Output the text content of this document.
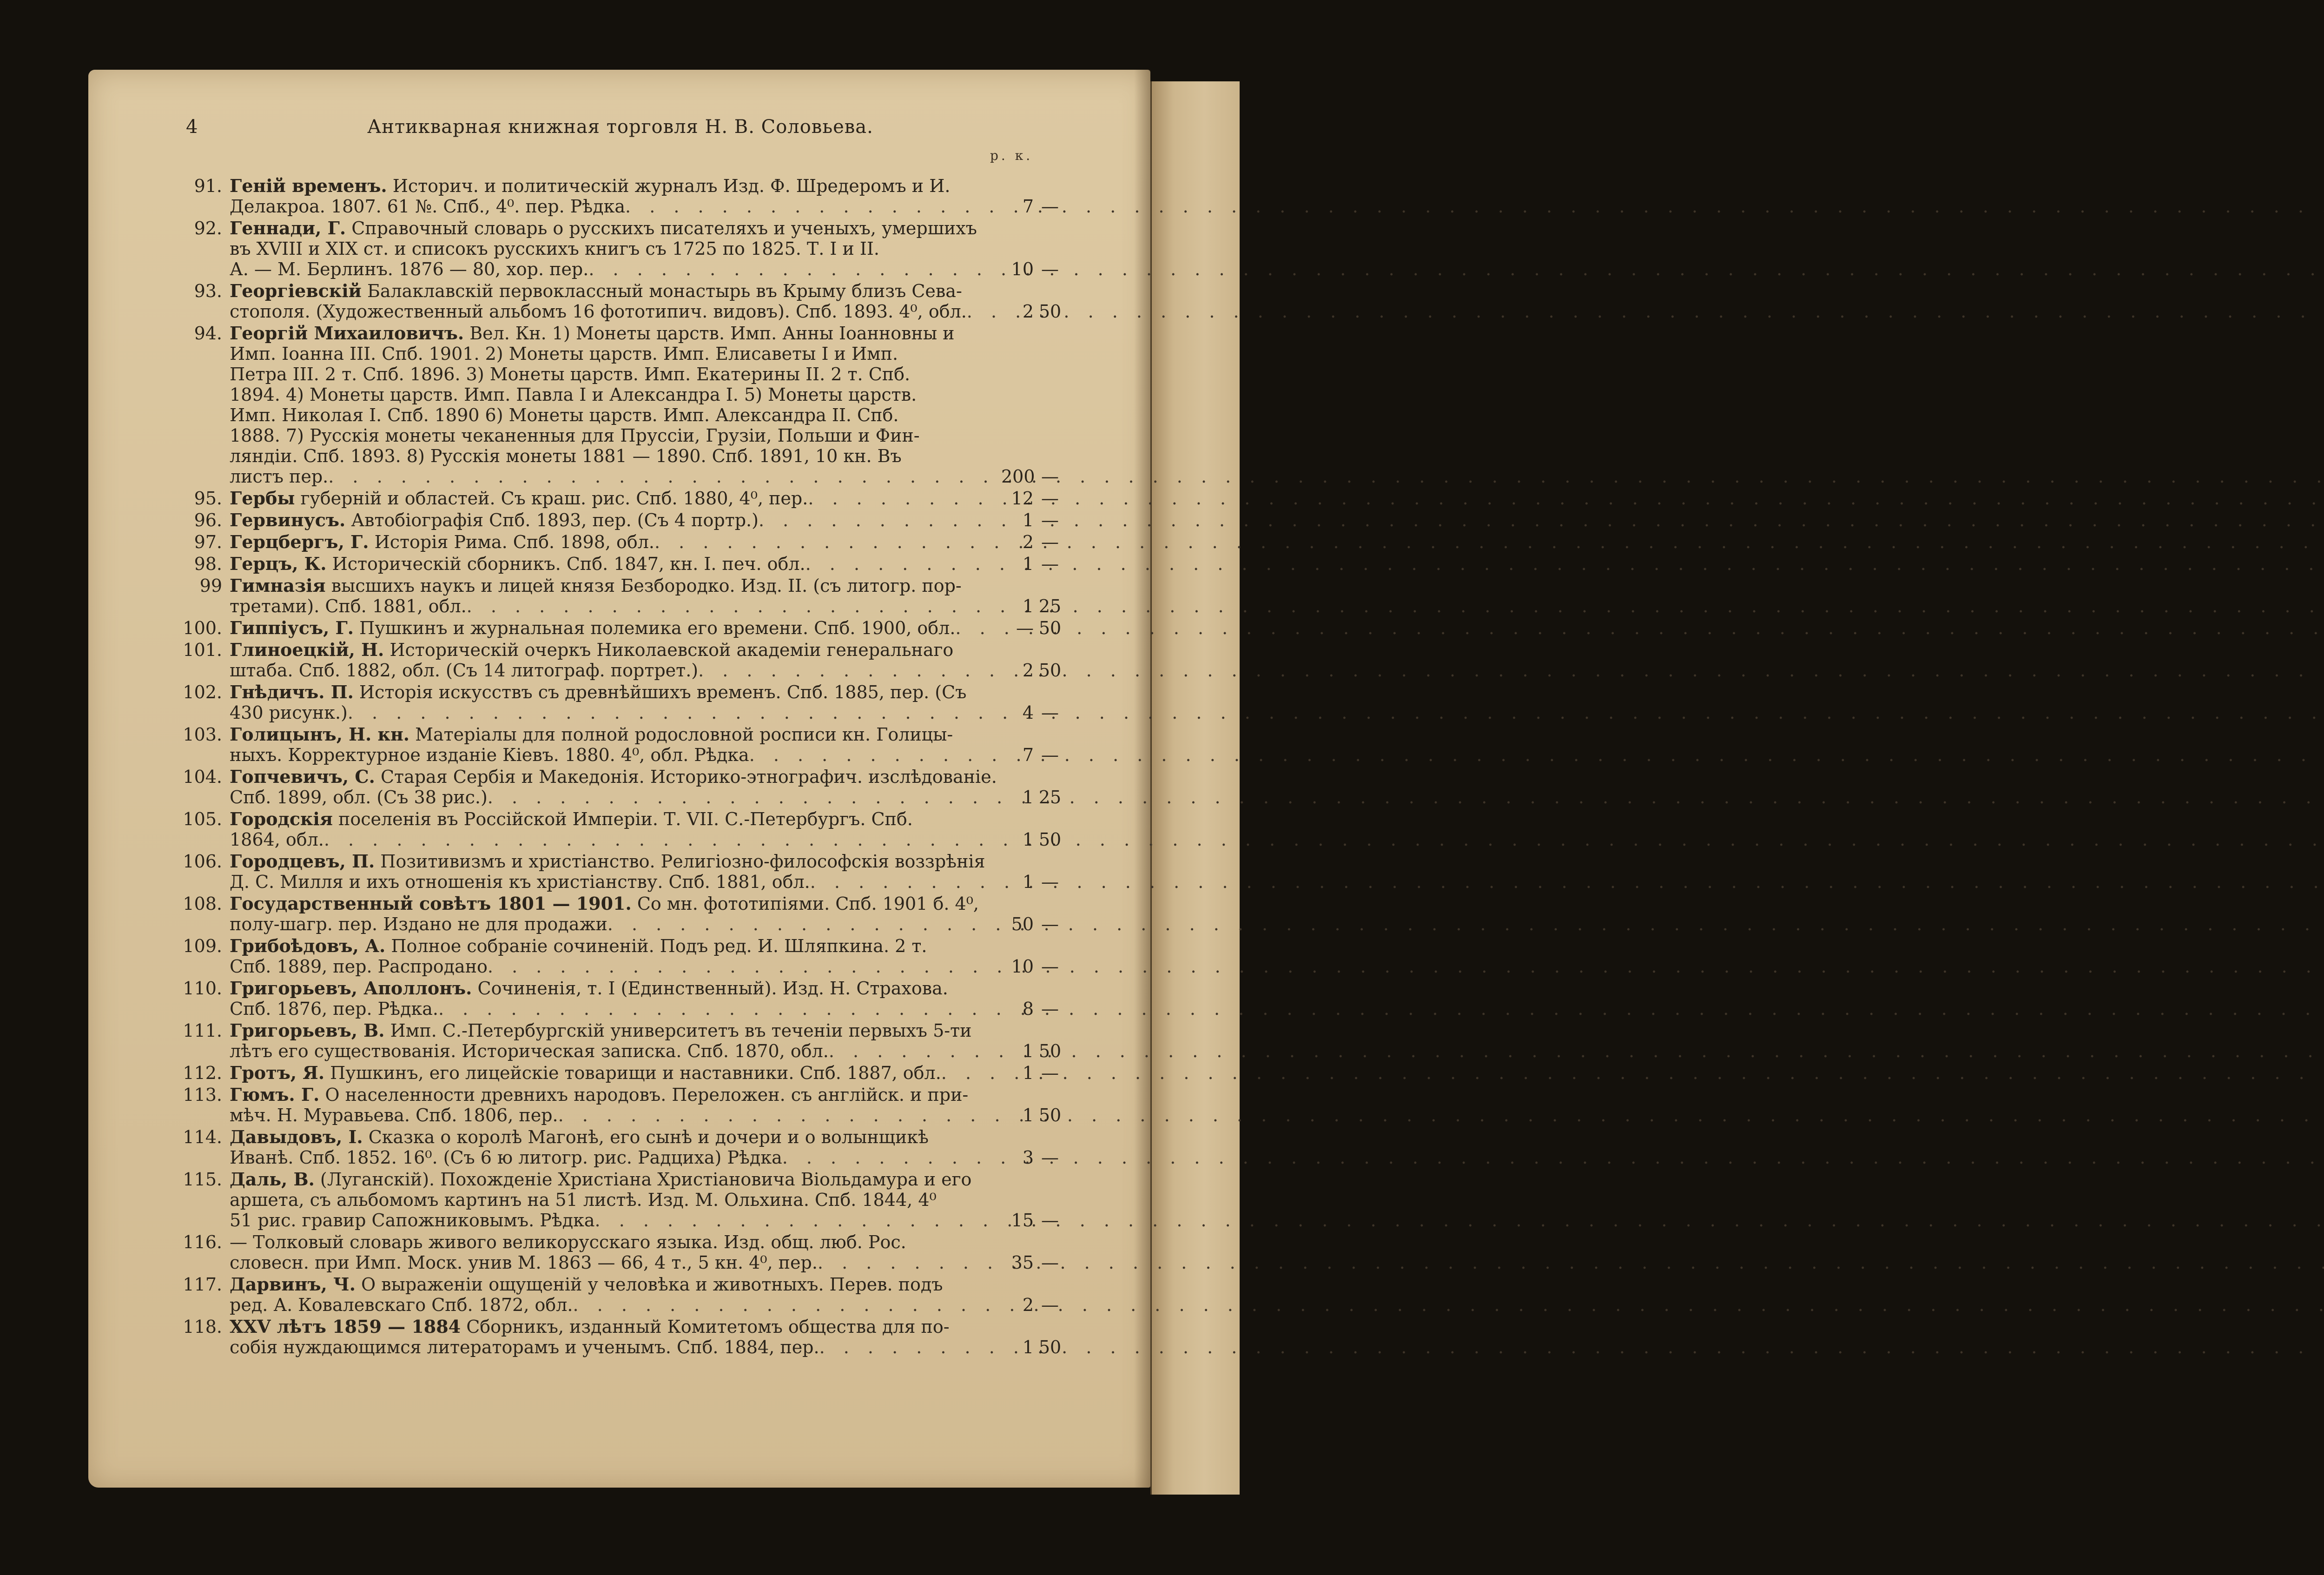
4	Антикварная книжная торговля Н. В. Соловьева.
р. к.
91. Генiй временъ. Историч. и политическiй журналъ Изд. Ф. Шредеромъ и И.
Делакроа. 1807. 61 №. Спб., 4⁰. пер. Рѣдка . . .	7 —
92. Геннади, Г. Справочный словарь о русскихъ писателяхъ и ученыхъ, умершихъ
въ XVIII и XIX ст. и списокъ русскихъ книгъ съ 1725 по 1825. Т. I и II.
А. — М. Берлинъ. 1876 — 80, хор. пер. . . .	10 —
93. Георгiевскiй Балаклавскiй первоклассный монастырь въ Крыму близъ Сева-
стополя. (Художественный альбомъ 16 фототипич. видовъ). Спб. 1893. 4⁰, обл. . . .	2 50
94. Георгiй Михаиловичъ. Вел. Кн. 1) Монеты царств. Имп. Анны Iоанновны и
Имп. Iоанна III. Спб. 1901. 2) Монеты царств. Имп. Елисаветы I и Имп.
Петра III. 2 т. Спб. 1896. 3) Монеты царств. Имп. Екатерины II. 2 т. Спб.
1894. 4) Монеты царств. Имп. Павла I и Александра I. 5) Монеты царств.
Имп. Николая I. Спб. 1890 6) Монеты царств. Имп. Александра II. Спб.
1888. 7) Русскiя монеты чеканенныя для Пруссiи, Грузiи, Польши и Фин-
ляндiи. Спб. 1893. 8) Русскiя монеты 1881 — 1890. Спб. 1891, 10 кн. Въ
листъ пер. . . .	200 —
95. Гербы губернiй и областей. Съ краш. рис. Спб. 1880, 4⁰, пер. . . .	12 —
96. Гервинусъ. Автобiографiя Спб. 1893, пер. (Съ 4 портр.) . . .	1 —
97. Герцбергъ, Г. Исторiя Рима. Спб. 1898, обл. . . .	2 —
98. Герцъ, К. Историческiй сборникъ. Спб. 1847, кн. I. печ. обл. . . .	1 —
99 Гимназiя высшихъ наукъ и лицей князя Безбородко. Изд. II. (съ литогр. пор-
третами). Спб. 1881, обл. . . .	1 25
100. Гиппiусъ, Г. Пушкинъ и журнальная полемика его времени. Спб. 1900, обл. . . .	— 50
101. Глиноецкiй, Н. Историческiй очеркъ Николаевской академiи генеральнаго
штаба. Спб. 1882, обл. (Съ 14 литограф. портрет.) . . .	2 50
102. Гнѣдичъ. П. Исторiя искусствъ съ древнѣйшихъ временъ. Спб. 1885, пер. (Съ
430 рисунк.) . . .	4 —
103. Голицынъ, Н. кн. Матерiалы для полной родословной росписи кн. Голицы-
ныхъ. Корректурное изданiе Кiевъ. 1880. 4⁰, обл. Рѣдка . . .	7 —
104. Гопчевичъ, С. Старая Сербiя и Македонiя. Историко-этнографич. изслѣдованiе.
Спб. 1899, обл. (Съ 38 рис.) . . .	1 25
105. Городскiя поселенiя въ Россiйской Имперiи. Т. VII. С.-Петербургъ. Спб.
1864, обл. . . .	1 50
106. Городцевъ, П. Позитивизмъ и христiанство. Религiозно-философскiя воззрѣнiя
Д. С. Милля и ихъ отношенiя къ христiанству. Спб. 1881, обл. . . .	1 —
108. Государственный совѣтъ 1801 — 1901. Со мн. фототипiями. Спб. 1901 б. 4⁰,
полу-шагр. пер. Издано не для продажи . . .	50 —
109. Грибоѣдовъ, А. Полное собранiе сочиненiй. Подъ ред. И. Шляпкина. 2 т.
Спб. 1889, пер. Распродано . . .	10 —
110. Григорьевъ, Аполлонъ. Сочиненiя, т. I (Единственный). Изд. Н. Страхова.
Спб. 1876, пер. Рѣдка. . . .	8 —
111. Григорьевъ, В. Имп. С.-Петербургскiй университетъ въ теченiи первыхъ 5-ти
лѣтъ его существованiя. Историческая записка. Спб. 1870, обл. . . .	1 50
112. Гротъ, Я. Пушкинъ, его лицейскiе товарищи и наставники. Спб. 1887, обл. . . .	1 —
113. Гюмъ. Г. О населенности древнихъ народовъ. Переложен. съ англiйск. и при-
мѣч. Н. Муравьева. Спб. 1806, пер. . . .	1 50
114. Давыдовъ, I. Сказка о королѣ Магонѣ, его сынѣ и дочери и о волынщикѣ
Иванѣ. Спб. 1852. 16⁰. (Съ 6 ю литогр. рис. Радциха) Рѣдка . . .	3 —
115. Даль, В. (Луганскiй). Похожденiе Христiана Христiановича Вiольдамура и его
аршета, съ альбомомъ картинъ на 51 листѣ. Изд. М. Ольхина. Спб. 1844, 4⁰
51 рис. гравир Сапожниковымъ. Рѣдка . . .	15 —
116. — Толковый словарь живого великорусскаго языка. Изд. общ. люб. Рос.
словесн. при Имп. Моск. унив М. 1863 — 66, 4 т., 5 кн. 4⁰, пер. . . .	35 —
117. Дарвинъ, Ч. О выраженiи ощущенiй у человѣка и животныхъ. Перев. подъ
ред. А. Ковалевскаго Спб. 1872, обл. . . .	2 —
118. XXV лѣтъ 1859 — 1884 Сборникъ, изданный Комитетомъ общества для по-
собiя нуждающимся литераторамъ и ученымъ. Спб. 1884, пер. . . .	1 50
